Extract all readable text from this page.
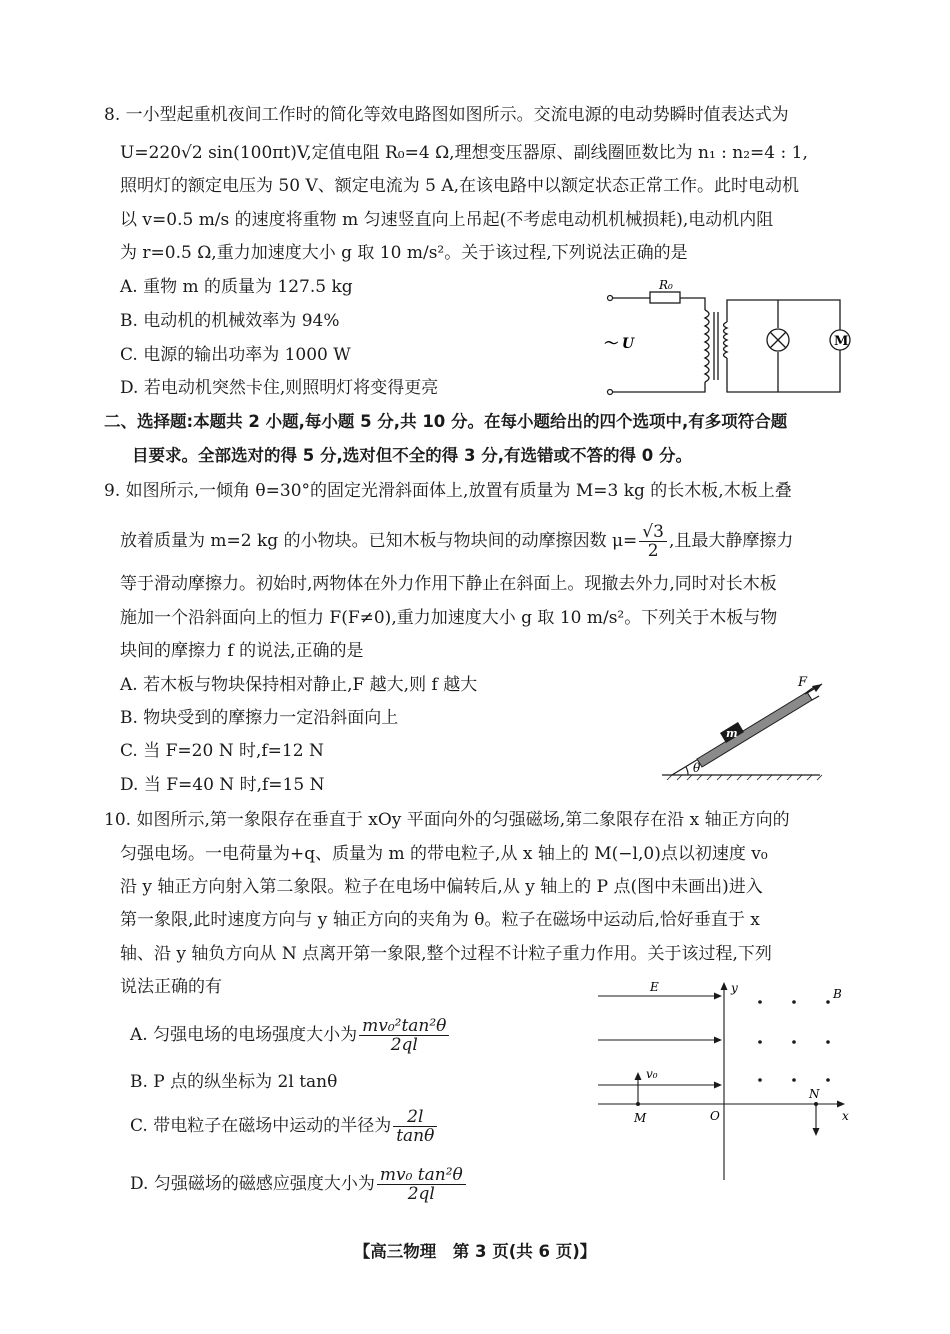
8. 一小型起重机夜间工作时的简化等效电路图如图所示。交流电源的电动势瞬时值表达式为
U=220√2 sin(100πt)V,定值电阻 R₀=4 Ω,理想变压器原、副线圈匝数比为 n₁ : n₂=4 : 1,
照明灯的额定电压为 50 V、额定电流为 5 A,在该电路中以额定状态正常工作。此时电动机
以 v=0.5 m/s 的速度将重物 m 匀速竖直向上吊起(不考虑电动机机械损耗),电动机内阻
为 r=0.5 Ω,重力加速度大小 g 取 10 m/s²。关于该过程,下列说法正确的是
A. 重物 m 的质量为 127.5 kg
B. 电动机的机械效率为 94%
C. 电源的输出功率为 1000 W
D. 若电动机突然卡住,则照明灯将变得更亮
R₀
～ U	M
二、选择题:本题共 2 小题,每小题 5 分,共 10 分。在每小题给出的四个选项中,有多项符合题
目要求。全部选对的得 5 分,选对但不全的得 3 分,有选错或不答的得 0 分。
9. 如图所示,一倾角 θ=30°的固定光滑斜面体上,放置有质量为 M=3 kg 的长木板,木板上叠
放着质量为 m=2 kg 的小物块。已知木板与物块间的动摩擦因数 $\mu= \frac{√3}{2}$ ,且最大静摩擦力
等于滑动摩擦力。初始时,两物体在外力作用下静止在斜面上。现撤去外力,同时对长木板
施加一个沿斜面向上的恒力 F(F≠0),重力加速度大小 g 取 10 m/s²。下列关于木板与物
块间的摩擦力 f 的说法,正确的是
A. 若木板与物块保持相对静止,F 越大,则 f 越大
B. 物块受到的摩擦力一定沿斜面向上
C. 当 F=20 N 时,f=12 N
D. 当 F=40 N 时,f=15 N
F
m
θ
10. 如图所示,第一象限存在垂直于 xOy 平面向外的匀强磁场,第二象限存在沿 x 轴正方向的
匀强电场。一电荷量为+q、质量为 m 的带电粒子,从 x 轴上的 M(−l,0)点以初速度 v₀
沿 y 轴正方向射入第二象限。粒子在电场中偏转后,从 y 轴上的 P 点(图中未画出)进入
第一象限,此时速度方向与 y 轴正方向的夹角为 θ。粒子在磁场中运动后,恰好垂直于 x
轴、沿 y 轴负方向从 N 点离开第一象限,整个过程不计粒子重力作用。关于该过程,下列
说法正确的有
A. 匀强电场的电场强度大小为 $\frac{\text{mv₀²tan²θ}}{2ql}$
B. P 点的纵坐标为 2l tanθ
C. 带电粒子在磁场中运动的半径为 $\frac{2l}{\tan\theta}$
D. 匀强磁场的磁感应强度大小为 $\frac{\text{mv₀ tan²θ}}{2ql}$
E	y	B
v₀
M	O
N
x
【高三物理　第 3 页(共 6 页)】
